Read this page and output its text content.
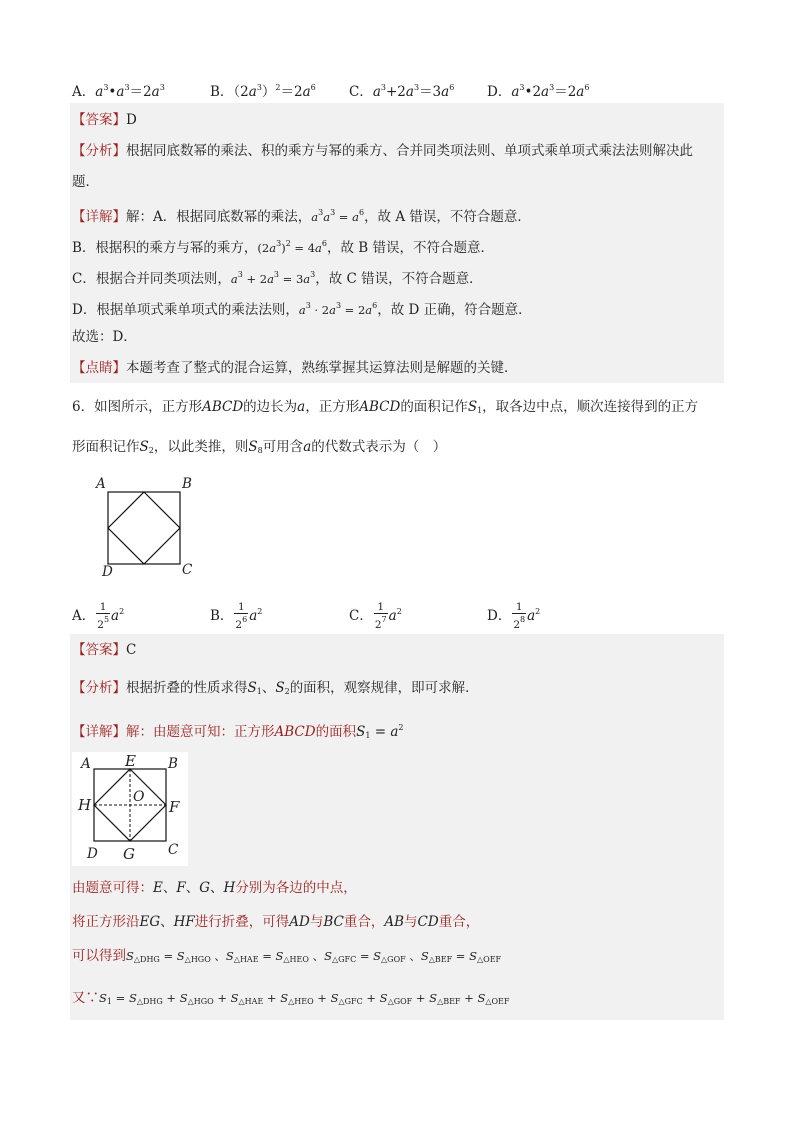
A．$a^3•a^3=2a^3$	B．$(2a^3)^2=2a^6$ C．$a^3+2a^3=3a^6$ D．$a^3•2a^3=2a^6$
【答案】D
【分析】根据同底数幂的乘法、积的乘方与幂的乘方、合并同类项法则、单项式乘单项式乘法法则解决此
题．
【详解】解：A．根据同底数幂的乘法，$a^3a^3 = a^6$，故 A 错误，不符合题意．
B．根据积的乘方与幂的乘方，$(2a^3)^2 = 4a^6$，故 B 错误，不符合题意．
C．根据合并同类项法则，$a^3 + 2a^3 = 3a^3$，故 C 错误，不符合题意．
D．根据单项式乘单项式的乘法法则，$a^3 \cdot 2a^3 = 2a^6$，故 D 正确，符合题意．
故选：D．
【点睛】本题考查了整式的混合运算，熟练掌握其运算法则是解题的关键．
6．如图所示，正方形ABCD的边长为a，正方形ABCD的面积记作$S_1$，取各边中点，顺次连接得到的正方
形面积记作$S_2$，以此类推，则$S_8$可用含a的代数式表示为（　）
A	B
D	C
A． $\frac{1}{2^5} a^2$	B． $\frac{1}{2^6} a^2$	C． $\frac{1}{2^7} a^2$	D． $\frac{1}{2^8} a^2$
【答案】C
【分析】根据折叠的性质求得$S_1$、$S_2$的面积，观察规律，即可求解．
【详解】解：由题意可知：正方形ABCD的面积$S_1 = a^2$
A E B
H	O
F
D G C
由题意可得：E、F、G、H分别为各边的中点，
将正方形沿EG、HF进行折叠，可得AD与BC重合，AB与CD重合，
可以得到$S_{\triangle DHG} = S_{\triangle HGO}$ 、$S_{\triangle HAE} = S_{\triangle HEO}$ 、$S_{\triangle GFC} = S_{\triangle GOF}$ 、$S_{\triangle BEF} = S_{\triangle OEF}$
又$\because S_1 = S_{\triangle DHG} + S_{\triangle HGO} + S_{\triangle HAE} + S_{\triangle HEO} + S_{\triangle GFC} + S_{\triangle GOF} + S_{\triangle BEF} + S_{\triangle OEF}$
